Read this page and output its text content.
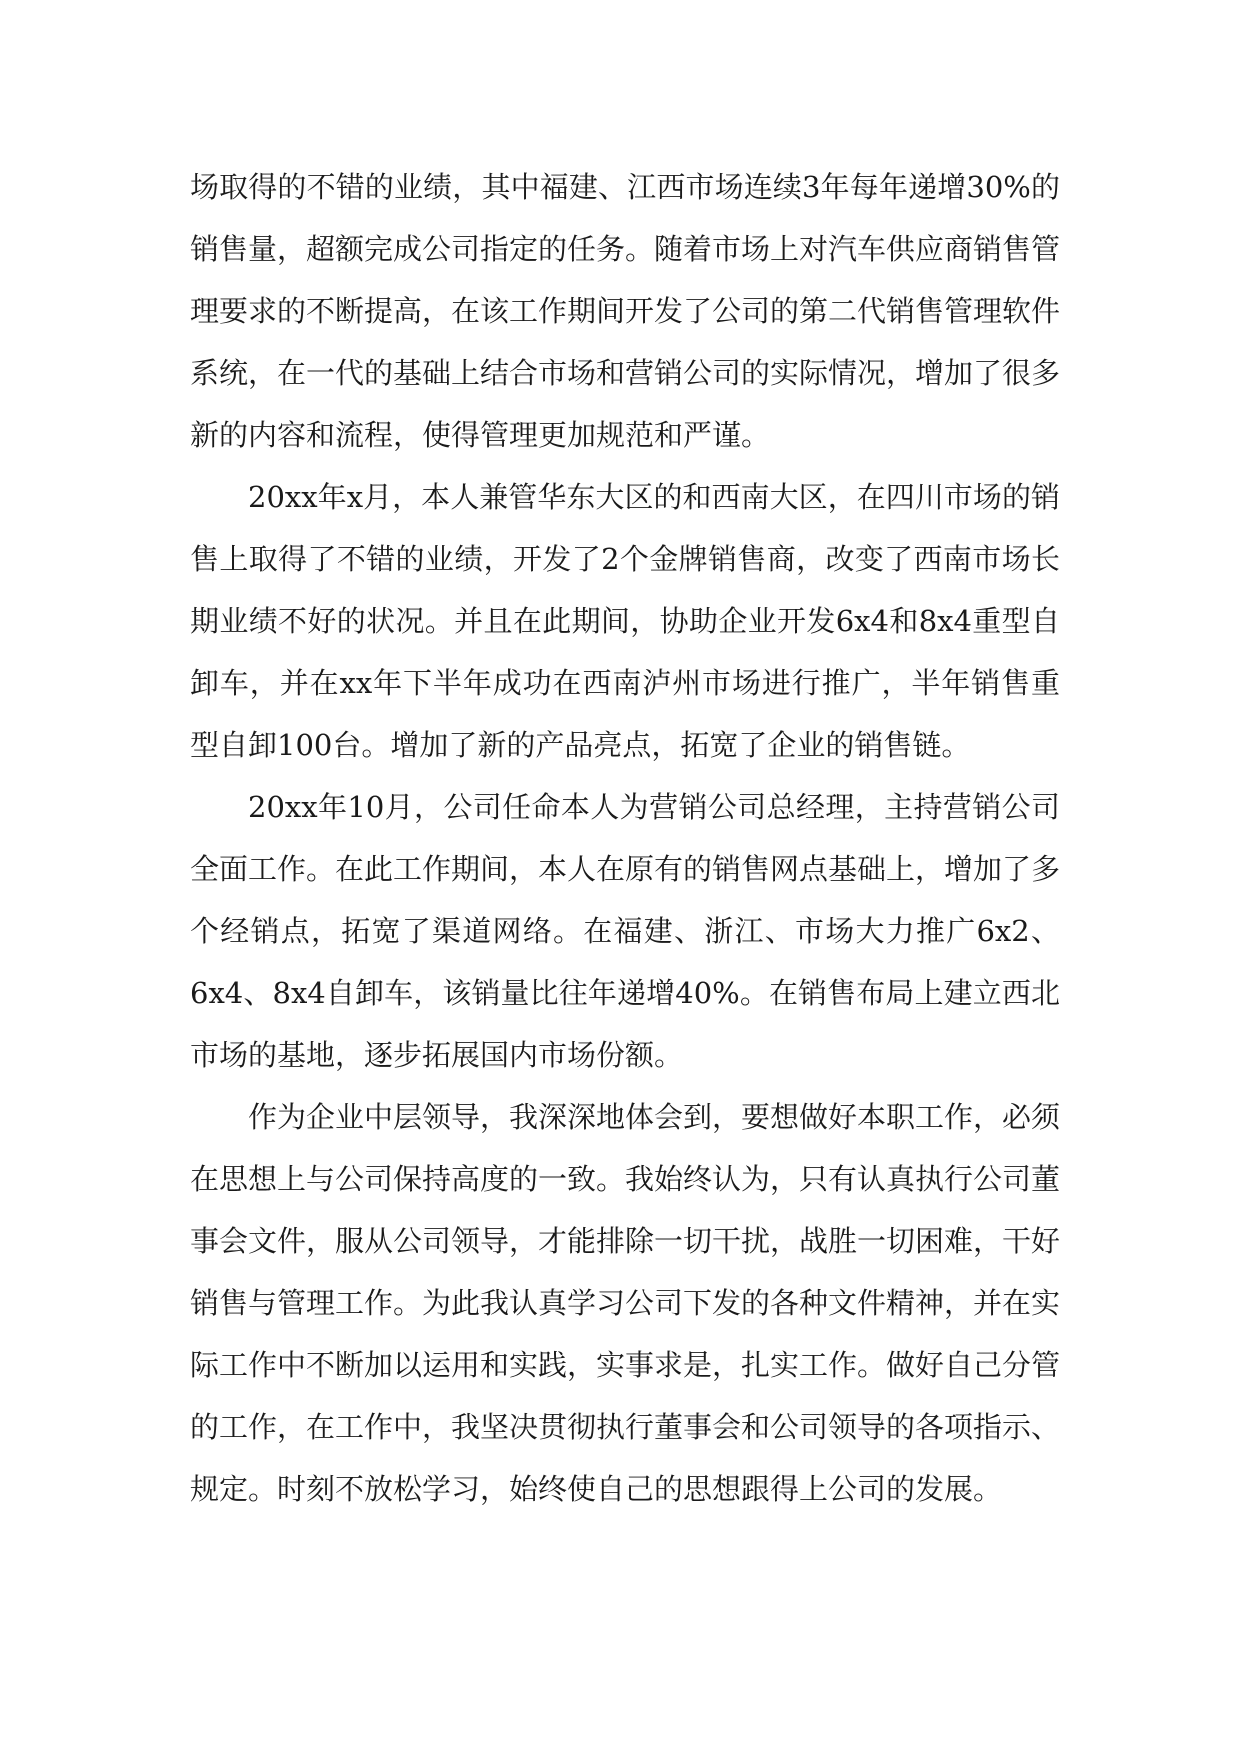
场取得的不错的业绩，其中福建、江西市场连续3年每年递增30%的销售量，超额完成公司指定的任务。随着市场上对汽车供应商销售管理要求的不断提高，在该工作期间开发了公司的第二代销售管理软件系统，在一代的基础上结合市场和营销公司的实际情况，增加了很多新的内容和流程，使得管理更加规范和严谨。

20xx年x月，本人兼管华东大区的和西南大区，在四川市场的销售上取得了不错的业绩，开发了2个金牌销售商，改变了西南市场长期业绩不好的状况。并且在此期间，协助企业开发6x4和8x4重型自卸车，并在xx年下半年成功在西南泸州市场进行推广，半年销售重型自卸100台。增加了新的产品亮点，拓宽了企业的销售链。

20xx年10月，公司任命本人为营销公司总经理，主持营销公司全面工作。在此工作期间，本人在原有的销售网点基础上，增加了多个经销点，拓宽了渠道网络。在福建、浙江、市场大力推广6x2、6x4、8x4自卸车，该销量比往年递增40%。在销售布局上建立西北市场的基地，逐步拓展国内市场份额。

作为企业中层领导，我深深地体会到，要想做好本职工作，必须在思想上与公司保持高度的一致。我始终认为，只有认真执行公司董事会文件，服从公司领导，才能排除一切干扰，战胜一切困难，干好销售与管理工作。为此我认真学习公司下发的各种文件精神，并在实际工作中不断加以运用和实践，实事求是，扎实工作。做好自己分管的工作，在工作中，我坚决贯彻执行董事会和公司领导的各项指示、规定。时刻不放松学习，始终使自己的思想跟得上公司的发展。
